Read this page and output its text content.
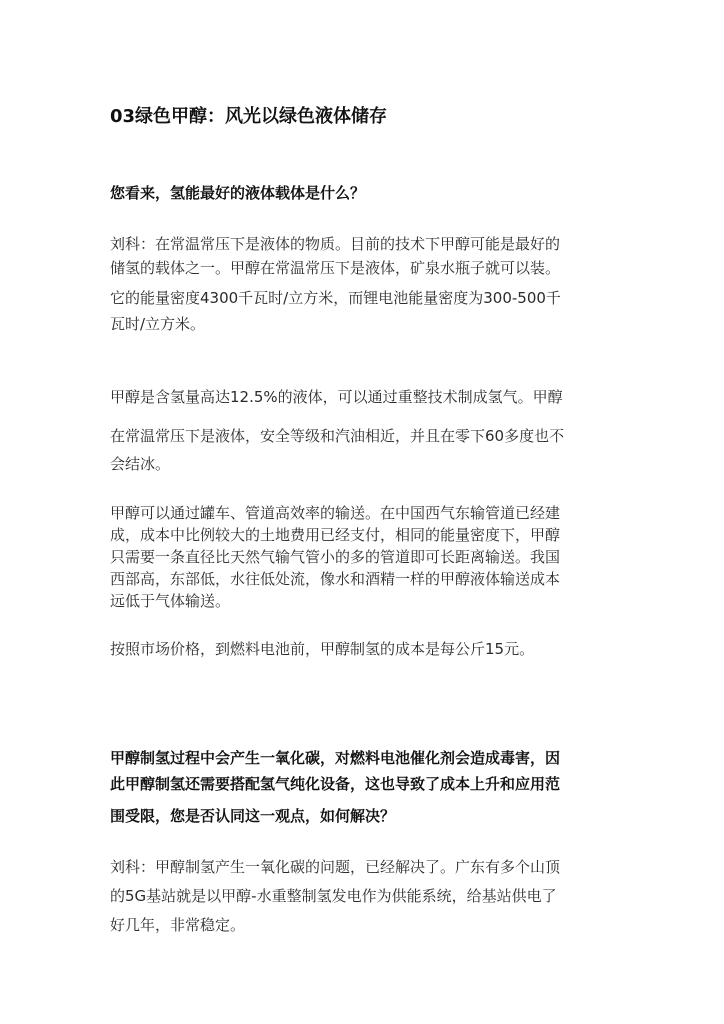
03绿色甲醇：风光以绿色液体储存

您看来，氢能最好的液体载体是什么？

刘科：在常温常压下是液体的物质。目前的技术下甲醇可能是最好的
储氢的载体之一。甲醇在常温常压下是液体，矿泉水瓶子就可以装。
它的能量密度4300千瓦时/立方米，而锂电池能量密度为300-500千

瓦时/立方米。

甲醇是含氢量高达12.5%的液体，可以通过重整技术制成氢气。甲醇

在常温常压下是液体，安全等级和汽油相近，并且在零下60多度也不
会结冰。

甲醇可以通过罐车、管道高效率的输送。在中国西气东输管道已经建
成，成本中比例较大的土地费用已经支付，相同的能量密度下，甲醇
只需要一条直径比天然气输气管小的多的管道即可长距离输送。我国
西部高，东部低，水往低处流，像水和酒精一样的甲醇液体输送成本
远低于气体输送。

按照市场价格，到燃料电池前，甲醇制氢的成本是每公斤15元。

甲醇制氢过程中会产生一氧化碳，对燃料电池催化剂会造成毒害，因
此甲醇制氢还需要搭配氢气纯化设备，这也导致了成本上升和应用范
围受限，您是否认同这一观点，如何解决？

刘科：甲醇制氢产生一氧化碳的问题，已经解决了。广东有多个山顶
的5G基站就是以甲醇-水重整制氢发电作为供能系统，给基站供电了
好几年，非常稳定。
